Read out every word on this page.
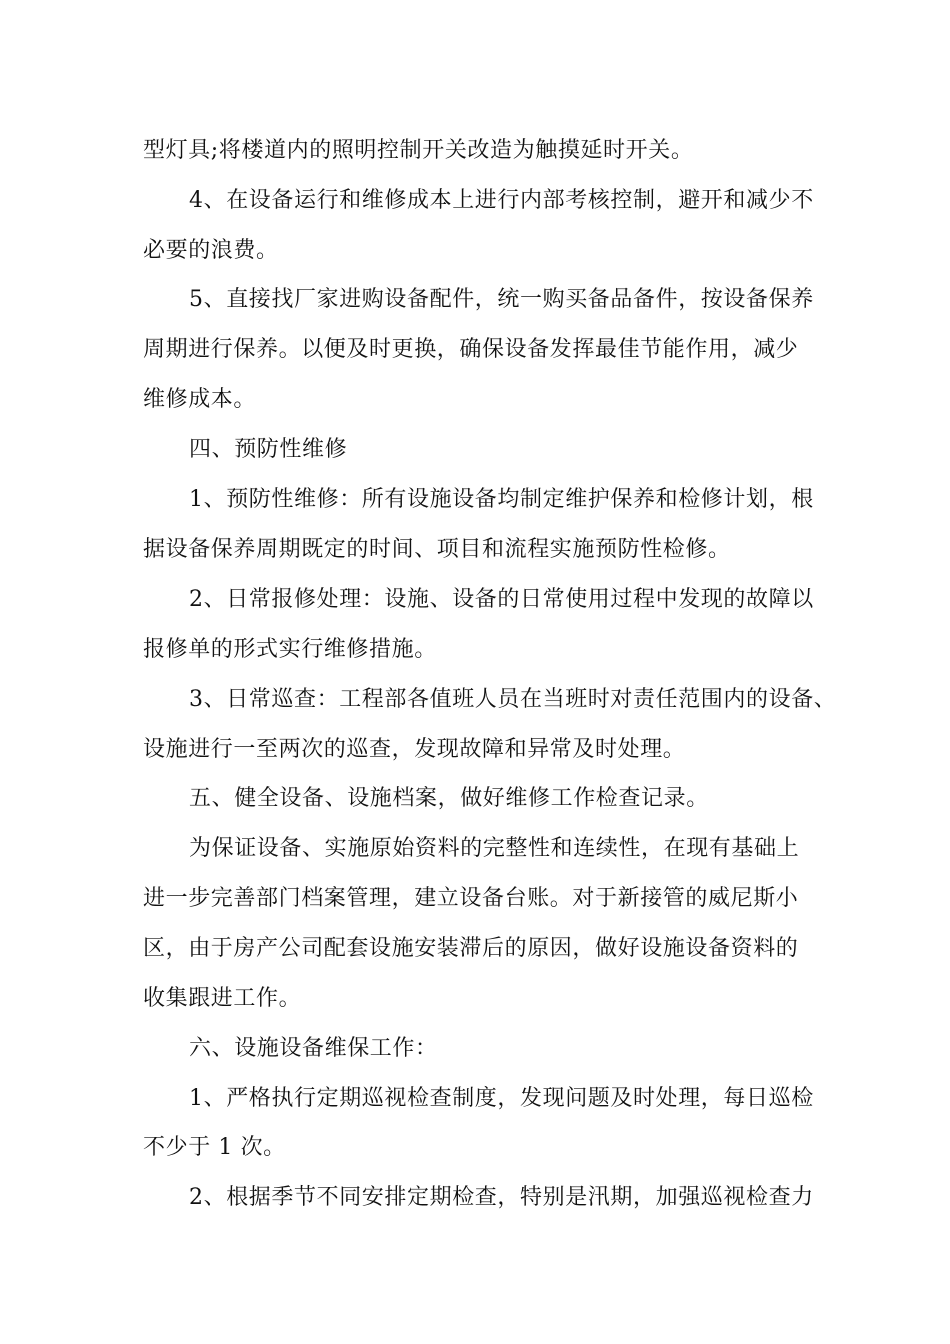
型灯具;将楼道内的照明控制开关改造为触摸延时开关。
4、在设备运行和维修成本上进行内部考核控制，避开和减少不
必要的浪费。
5、直接找厂家进购设备配件，统一购买备品备件，按设备保养
周期进行保养。以便及时更换，确保设备发挥最佳节能作用，减少
维修成本。
四、预防性维修
1、预防性维修：所有设施设备均制定维护保养和检修计划，根
据设备保养周期既定的时间、项目和流程实施预防性检修。
2、日常报修处理：设施、设备的日常使用过程中发现的故障以
报修单的形式实行维修措施。
3、日常巡查：工程部各值班人员在当班时对责任范围内的设备、
设施进行一至两次的巡查，发现故障和异常及时处理。
五、健全设备、设施档案，做好维修工作检查记录。
为保证设备、实施原始资料的完整性和连续性，在现有基础上
进一步完善部门档案管理，建立设备台账。对于新接管的威尼斯小
区，由于房产公司配套设施安装滞后的原因，做好设施设备资料的
收集跟进工作。
六、设施设备维保工作：
1、严格执行定期巡视检查制度，发现问题及时处理，每日巡检
不少于 1 次。
2、根据季节不同安排定期检查，特别是汛期，加强巡视检查力
